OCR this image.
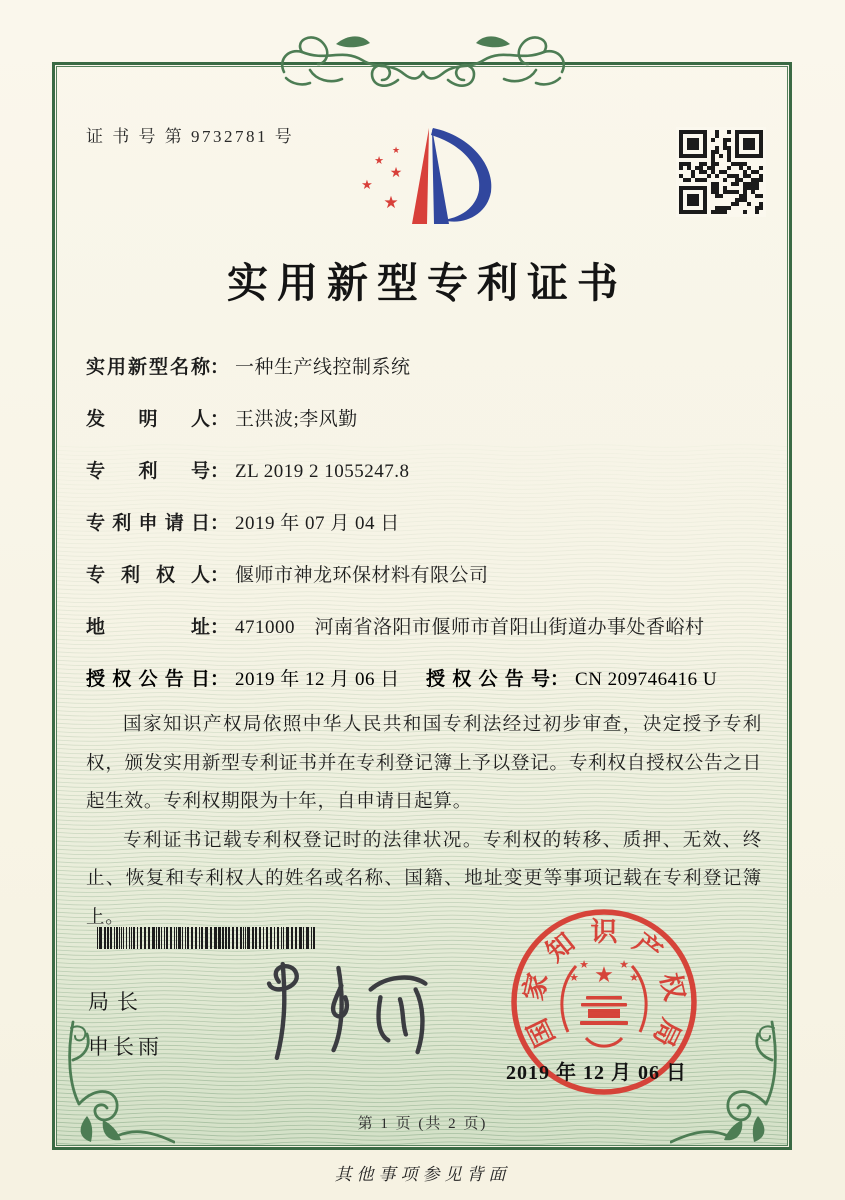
证 书 号 第 9732781 号
★
★
★
★
★
实用新型专利证书
实用新型名称： 一种生产线控制系统
发明人： 王洪波;李风勤
专利号： ZL 2019 2 1055247.8
专利申请日： 2019 年 07 月 04 日
专利权人： 偃师市神龙环保材料有限公司
地址： 471000　河南省洛阳市偃师市首阳山街道办事处香峪村
授权公告日： 2019 年 12 月 06 日 授权公告号： CN 209746416 U

国家知识产权局依照中华人民共和国专利法经过初步审查，决定授予专利权，颁发实用新型专利证书并在专利登记簿上予以登记。专利权自授权公告之日起生效。专利权期限为十年，自申请日起算。

专利证书记载专利权登记时的法律状况。专利权的转移、质押、无效、终止、恢复和专利权人的姓名或名称、国籍、地址变更等事项记载在专利登记簿上。

局长
申长雨
★
★	★
★	★
国
家
知 识 产
权
局
2019 年 12 月 06 日
第 1 页 (共 2 页)
其他事项参见背面
